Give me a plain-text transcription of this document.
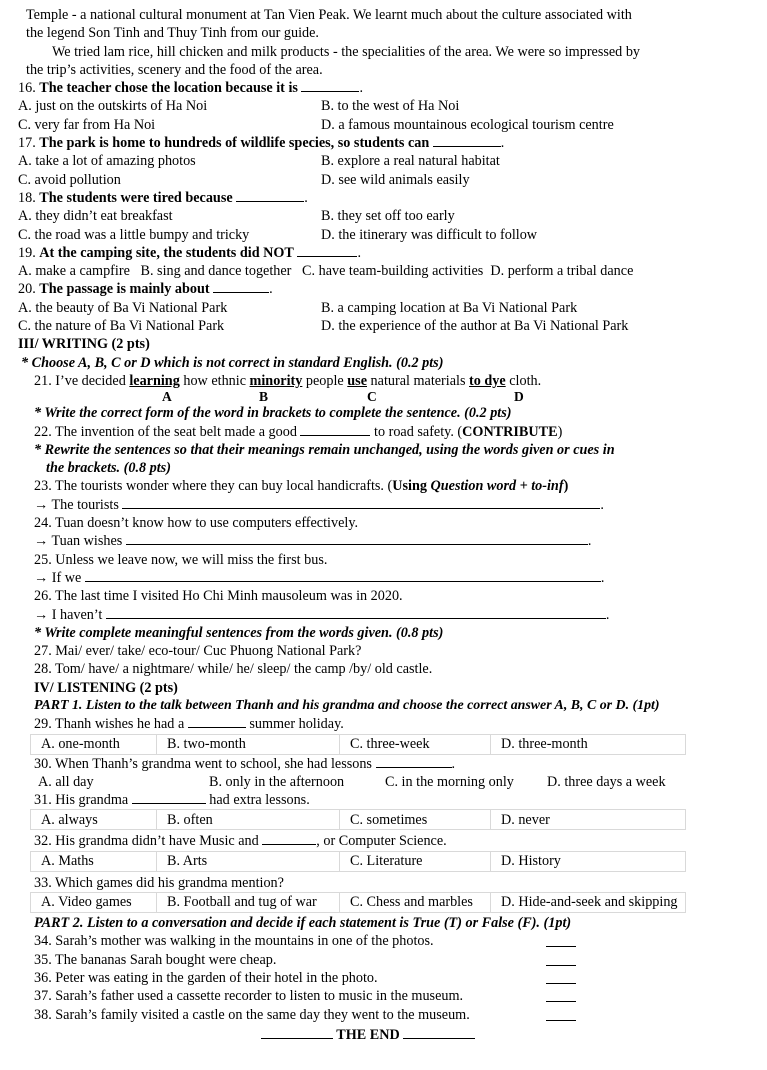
Temple - a national cultural monument at Tan Vien Peak. We learnt much about the culture associated with
the legend Son Tinh and Thuy Tinh from our guide.
We tried lam rice, hill chicken and milk products - the specialities of the area. We were so impressed by
the trip’s activities, scenery and the food of the area.
16. The teacher chose the location because it is	.
A. just on the outskirts of Ha Noi	B. to the west of Ha Noi
C. very far from Ha Noi	D. a famous mountainous ecological tourism centre
17. The park is home to hundreds of wildlife species, so students can	.
A. take a lot of amazing photos	B. explore a real natural habitat
C. avoid pollution	D. see wild animals easily
18. The students were tired because	.
A. they didn’t eat breakfast	B. they set off too early
C. the road was a little bumpy and tricky	D. the itinerary was difficult to follow
19. At the camping site, the students did NOT	.
A. make a campfire   B. sing and dance together   C. have team-building activities  D. perform a tribal dance
20. The passage is mainly about	.
A. the beauty of Ba Vi National Park	B. a camping location at Ba Vi National Park
C. the nature of Ba Vi National Park	D. the experience of the author at Ba Vi National Park
III/ WRITING (2 pts)
* Choose A, B, C or D which is not correct in standard English. (0.2 pts)
21. I’ve decided learning how ethnic minority people use natural materials to dye cloth.
A	B	C	D
* Write the correct form of the word in brackets to complete the sentence. (0.2 pts)
22. The invention of the seat belt made a good	to road safety. (CONTRIBUTE)
* Rewrite the sentences so that their meanings remain unchanged, using the words given or cues in
the brackets. (0.8 pts)
23. The tourists wonder where they can buy local handicrafts. (Using Question word + to-inf)
→ The tourists	.
24. Tuan doesn’t know how to use computers effectively.
→ Tuan wishes	.
25. Unless we leave now, we will miss the first bus.
→ If we	.
26. The last time I visited Ho Chi Minh mausoleum was in 2020.
→ I haven’t	.
* Write complete meaningful sentences from the words given. (0.8 pts)
27. Mai/ ever/ take/ eco-tour/ Cuc Phuong National Park?
28. Tom/ have/ a nightmare/ while/ he/ sleep/ the camp /by/ old castle.
IV/ LISTENING (2 pts)
PART 1. Listen to the talk between Thanh and his grandma and choose the correct answer A, B, C or D. (1pt)
29. Thanh wishes he had a	summer holiday.
A. one-month	B. two-month	C. three-week	D. three-month
30. When Thanh’s grandma went to school, she had lessons	.
A. all day	B. only in the afternoon	C. in the morning only	D. three days a week
31. His grandma	had extra lessons.
A. always	B. often	C. sometimes	D. never
32. His grandma didn’t have Music and	, or Computer Science.
A. Maths	B. Arts	C. Literature	D. History
33. Which games did his grandma mention?
A. Video games	B. Football and tug of war	C. Chess and marbles	D. Hide-and-seek and skipping
PART 2. Listen to a conversation and decide if each statement is True (T) or False (F). (1pt)
34. Sarah’s mother was walking in the mountains in one of the photos.
35. The bananas Sarah bought were cheap.
36. Peter was eating in the garden of their hotel in the photo.
37. Sarah’s father used a cassette recorder to listen to music in the museum.
38. Sarah’s family visited a castle on the same day they went to the museum.
THE END
